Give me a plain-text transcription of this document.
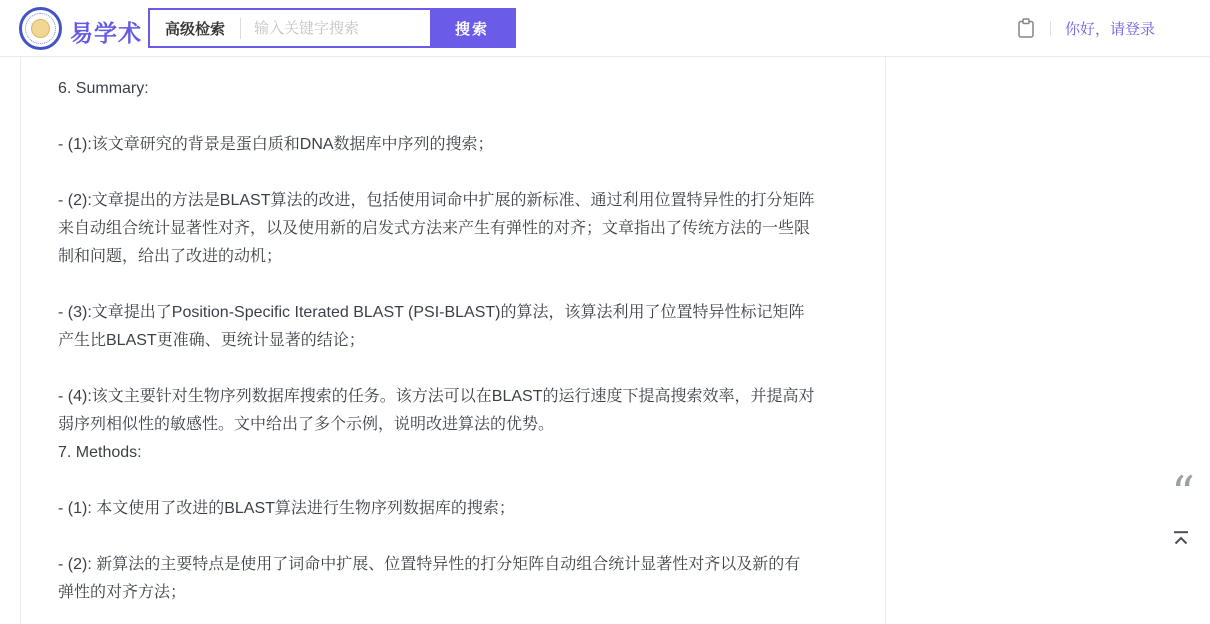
易学术	高级检索
输入关键字搜索	搜索	你好，请登录
6. Summary:
- (1):该文章研究的背景是蛋白质和DNA数据库中序列的搜索；
- (2):文章提出的方法是BLAST算法的改进，包括使用词命中扩展的新标准、通过利用位置特异性的打分矩阵来自动组合统计显著性对齐，以及使用新的启发式方法来产生有弹性的对齐；文章指出了传统方法的一些限制和问题，给出了改进的动机；
- (3):文章提出了Position-Specific Iterated BLAST (PSI-BLAST)的算法，该算法利用了位置特异性标记矩阵产生比BLAST更准确、更统计显著的结论；
- (4):该文主要针对生物序列数据库搜索的任务。该方法可以在BLAST的运行速度下提高搜索效率，并提高对弱序列相似性的敏感性。文中给出了多个示例，说明改进算法的优势。
7. Methods:
- (1): 本文使用了改进的BLAST算法进行生物序列数据库的搜索；
- (2): 新算法的主要特点是使用了词命中扩展、位置特异性的打分矩阵自动组合统计显著性对齐以及新的有弹性的对齐方法；
“
